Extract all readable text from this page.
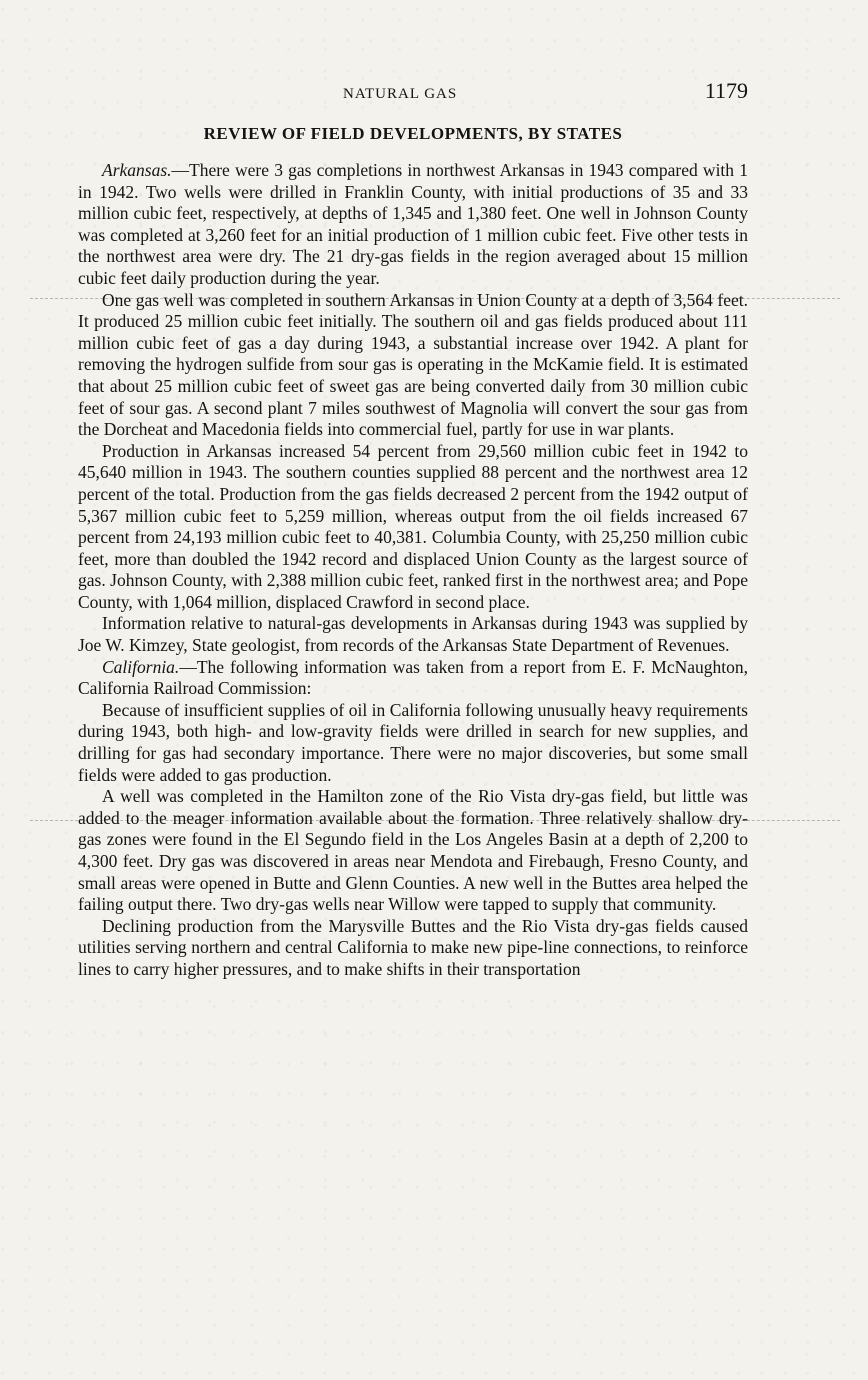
NATURAL GAS	1179
REVIEW OF FIELD DEVELOPMENTS, BY STATES

Arkansas.—There were 3 gas completions in northwest Arkansas in 1943 compared with 1 in 1942. Two wells were drilled in Franklin County, with initial productions of 35 and 33 million cubic feet, respectively, at depths of 1,345 and 1,380 feet. One well in Johnson County was completed at 3,260 feet for an initial production of 1 million cubic feet. Five other tests in the northwest area were dry. The 21 dry-gas fields in the region averaged about 15 million cubic feet daily production during the year.

One gas well was completed in southern Arkansas in Union County at a depth of 3,564 feet. It produced 25 million cubic feet initially. The southern oil and gas fields produced about 111 million cubic feet of gas a day during 1943, a substantial increase over 1942. A plant for removing the hydrogen sulfide from sour gas is operating in the McKamie field. It is estimated that about 25 million cubic feet of sweet gas are being converted daily from 30 million cubic feet of sour gas. A second plant 7 miles southwest of Magnolia will convert the sour gas from the Dorcheat and Macedonia fields into commercial fuel, partly for use in war plants.

Production in Arkansas increased 54 percent from 29,560 million cubic feet in 1942 to 45,640 million in 1943. The southern counties supplied 88 percent and the northwest area 12 percent of the total. Production from the gas fields decreased 2 percent from the 1942 output of 5,367 million cubic feet to 5,259 million, whereas output from the oil fields increased 67 percent from 24,193 million cubic feet to 40,381. Columbia County, with 25,250 million cubic feet, more than doubled the 1942 record and displaced Union County as the largest source of gas. Johnson County, with 2,388 million cubic feet, ranked first in the northwest area; and Pope County, with 1,064 million, displaced Crawford in second place.

Information relative to natural-gas developments in Arkansas during 1943 was supplied by Joe W. Kimzey, State geologist, from records of the Arkansas State Department of Revenues.

California.—The following information was taken from a report from E. F. McNaughton, California Railroad Commission:

Because of insufficient supplies of oil in California following unusually heavy requirements during 1943, both high- and low-gravity fields were drilled in search for new supplies, and drilling for gas had secondary importance. There were no major discoveries, but some small fields were added to gas production.

A well was completed in the Hamilton zone of the Rio Vista dry-gas field, but little was added to the meager information available about the formation. Three relatively shallow dry-gas zones were found in the El Segundo field in the Los Angeles Basin at a depth of 2,200 to 4,300 feet. Dry gas was discovered in areas near Mendota and Firebaugh, Fresno County, and small areas were opened in Butte and Glenn Counties. A new well in the Buttes area helped the failing output there. Two dry-gas wells near Willow were tapped to supply that community.

Declining production from the Marysville Buttes and the Rio Vista dry-gas fields caused utilities serving northern and central California to make new pipe-line connections, to reinforce lines to carry higher pressures, and to make shifts in their transportation
